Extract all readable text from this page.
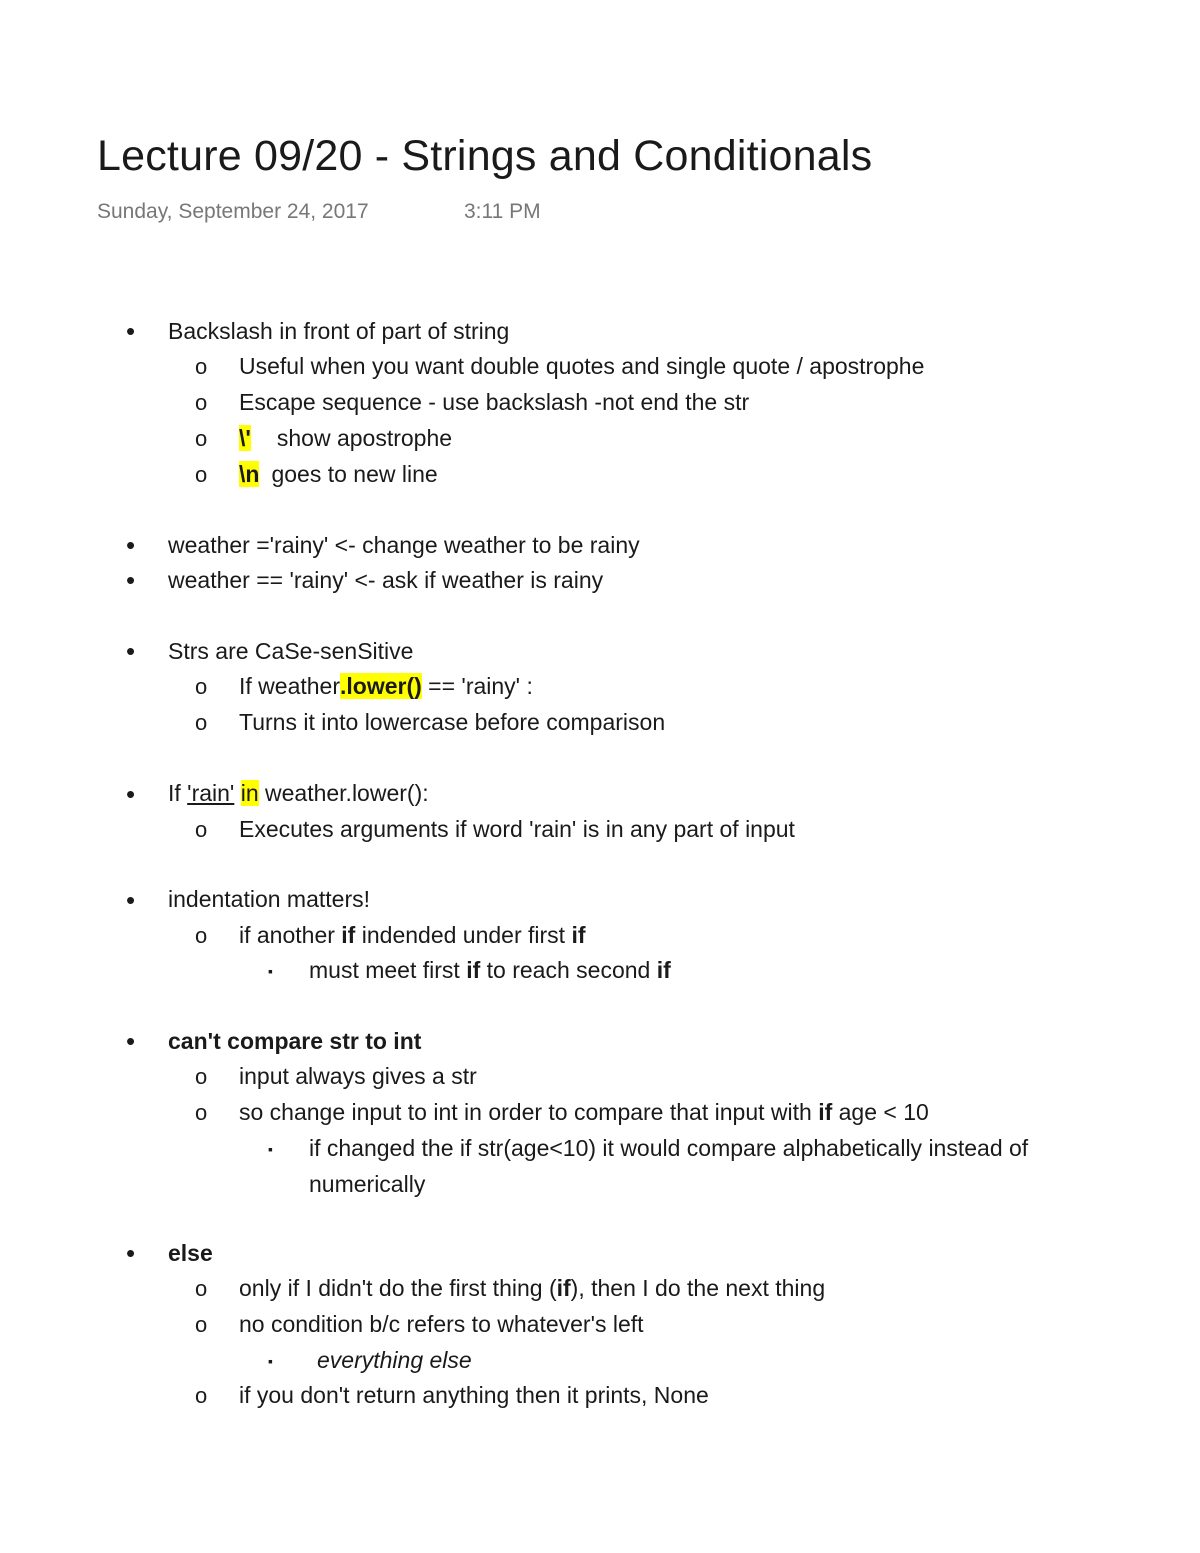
Lecture 09/20 - Strings and Conditionals
Sunday, September 24, 2017	3:11 PM
• Backslash in front of part of string
o Useful when you want double quotes and single quote / apostrophe
o Escape sequence - use backslash -not end the str
o \' show apostrophe
o \n goes to new line
• weather ='rainy' <- change weather to be rainy
• weather == 'rainy' <- ask if weather is rainy
• Strs are CaSe-senSitive
o If weather.lower() == 'rainy' :
o Turns it into lowercase before comparison
• If 'rain' in weather.lower():
o Executes arguments if word 'rain' is in any part of input
• indentation matters!
o if another if indended under first if
▪ must meet first if to reach second if
• can't compare str to int
o input always gives a str
o so change input to int in order to compare that input with if age < 10
▪ if changed the if str(age<10) it would compare alphabetically instead of
numerically
• else
o only if I didn't do the first thing (if), then I do the next thing
o no condition b/c refers to whatever's left
▪	everything else
o if you don't return anything then it prints, None
